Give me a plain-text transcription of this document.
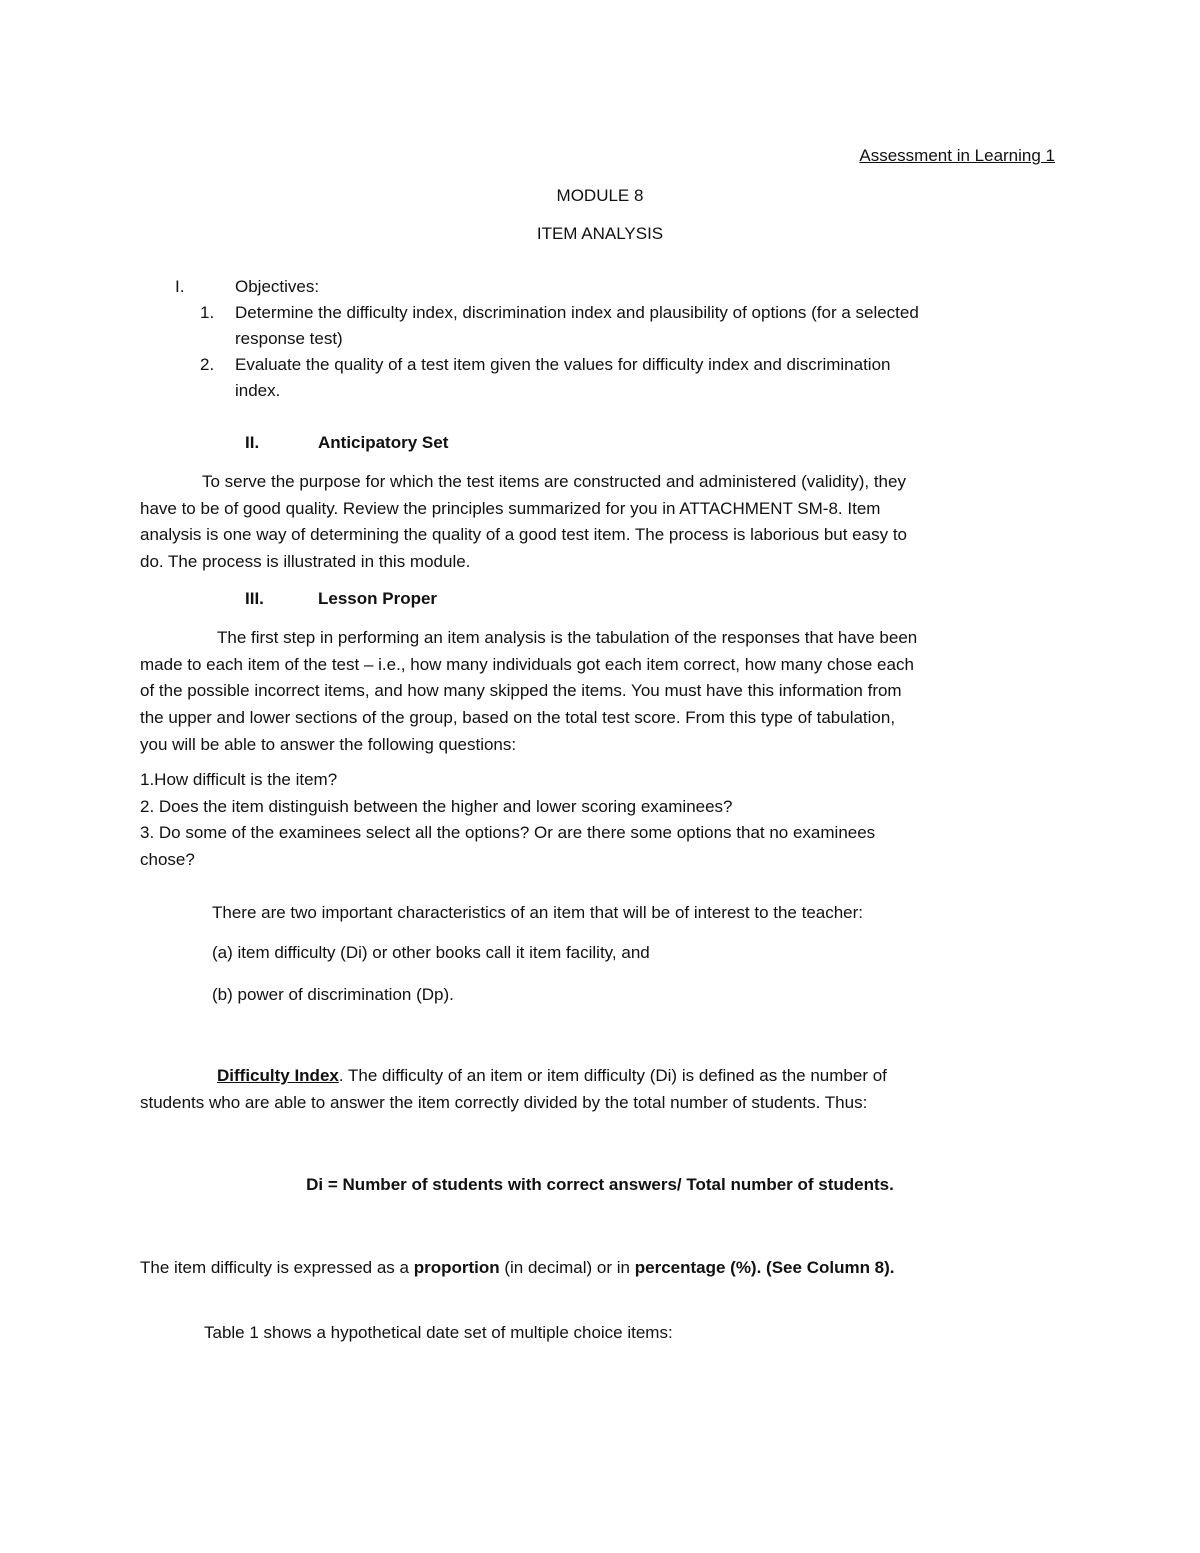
Assessment in Learning 1
MODULE 8
ITEM ANALYSIS
I.	Objectives:
1. Determine the difficulty index, discrimination index and plausibility of options (for a selected
response test)
2. Evaluate the quality of a test item given the values for difficulty index and discrimination
index.
II.	Anticipatory Set

To serve the purpose for which the test items are constructed and administered (validity), they

have to be of good quality. Review the principles summarized for you in ATTACHMENT SM-8. Item

analysis is one way of determining the quality of a good test item. The process is laborious but easy to

do. The process is illustrated in this module.

III.	Lesson Proper

The first step in performing an item analysis is the tabulation of the responses that have been

made to each item of the test – i.e., how many individuals got each item correct, how many chose each

of the possible incorrect items, and how many skipped the items. You must have this information from

the upper and lower sections of the group, based on the total test score. From this type of tabulation,

you will be able to answer the following questions:

1.How difficult is the item?

2. Does the item distinguish between the higher and lower scoring examinees?

3. Do some of the examinees select all the options? Or are there some options that no examinees

chose?

There are two important characteristics of an item that will be of interest to the teacher:
(a) item difficulty (Di) or other books call it item facility, and
(b) power of discrimination (Dp).
Difficulty Index. The difficulty of an item or item difficulty (Di) is defined as the number of
students who are able to answer the item correctly divided by the total number of students. Thus:
Di = Number of students with correct answers/ Total number of students.
The item difficulty is expressed as a proportion (in decimal) or in percentage (%). (See Column 8).
Table 1 shows a hypothetical date set of multiple choice items:
